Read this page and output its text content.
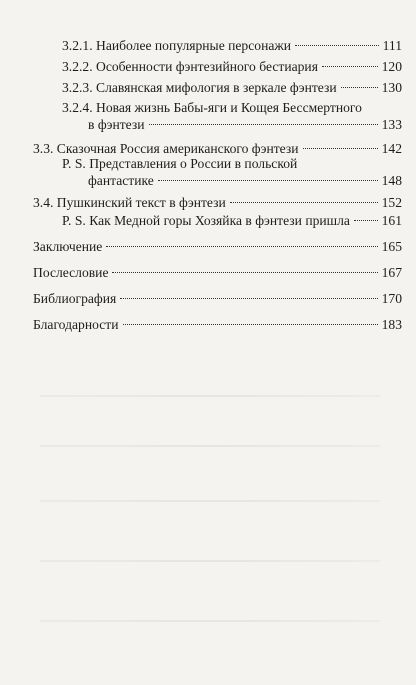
3.2.1. Наиболее популярные персонажи	111
3.2.2. Особенности фэнтезийного бестиария	120
3.2.3. Славянская мифология в зеркале фэнтези	130
3.2.4. Новая жизнь Бабы-яги и Кощея Бессмертного
в фэнтези	133
3.3. Сказочная Россия американского фэнтези	142
P. S. Представления о России в польской
фантастике	148
3.4. Пушкинский текст в фэнтези	152
P. S. Как Медной горы Хозяйка в фэнтези пришла 161
Заключение	165
Послесловие	167
Библиография	170
Благодарности	183
